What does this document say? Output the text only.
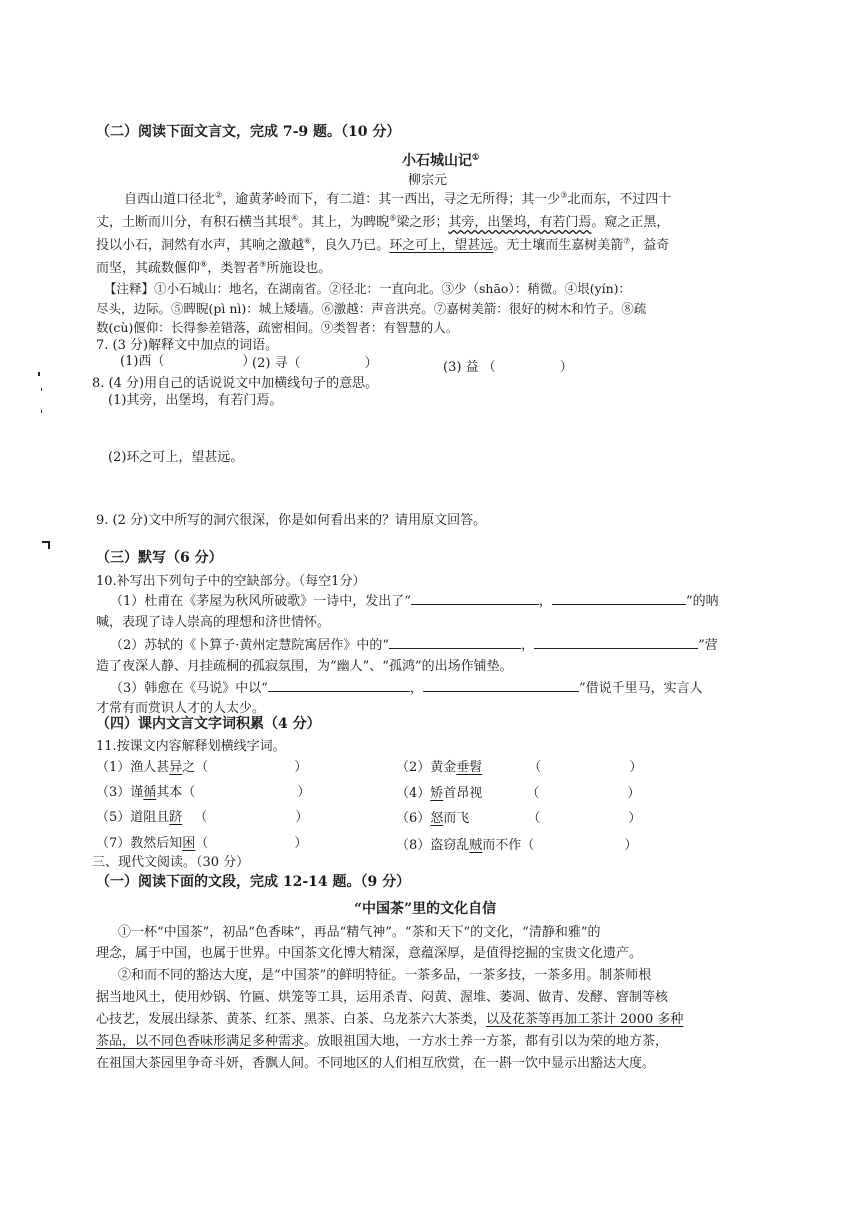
（二）阅读下面文言文，完成 7-9 题。（10 分）
小石城山记①
柳宗元
自西山道口径北②，逾黄茅岭而下，有二道：其一西出，寻之无所得；其一少③北而东，不过四十
丈，土断而川分，有积石横当其垠④。其上，为睥睨⑤梁之形；其旁，出堡坞，有若门焉。窥之正黑，
投以小石，洞然有水声，其响之激越⑥，良久乃已。环之可上，望甚远。无土壤而生嘉树美箭⑦，益奇
而坚，其疏数偃仰⑧，类智者⑨所施设也。
【注释】①小石城山：地名，在湖南省。②径北：一直向北。③少（shāo）：稍微。④垠(yín)：
尽头，边际。⑤睥睨(pì nì)：城上矮墙。⑥激越：声音洪亮。⑦嘉树美箭：很好的树木和竹子。⑧疏
数(cù)偃仰：长得参差错落，疏密相间。⑨类智者：有智慧的人。
7. (3 分)解释文中加点的词语。
(1)西（	）
(2) 寻（	）	(3) 益 （	）
8. (4 分)用自己的话说说文中加横线句子的意思。
(1)其旁，出堡坞，有若门焉。
(2)环之可上，望甚远。
9. (2 分)文中所写的洞穴很深，你是如何看出来的？请用原文回答。
（三）默写（6 分）
10.补写出下列句子中的空缺部分。（每空1分）
（1）杜甫在《茅屋为秋风所破歌》一诗中，发出了“	，	”的呐
喊，表现了诗人崇高的理想和济世情怀。
（2）苏轼的《卜算子·黄州定慧院寓居作》中的“	，	”营
造了夜深人静、月挂疏桐的孤寂氛围，为“幽人”、“孤鸿”的出场作铺垫。
（3）韩愈在《马说》中以“	，	”借说千里马，实言人
才常有而赏识人才的人太少。
（四）课内文言文字词积累（4 分）
11.按课文内容解释划横线字词。
（1）渔人甚异之（	）	（2）黄金垂髫	（	）
（3）谨循其本（	）	（4）矫首昂视	（	）
（5）道阻且跻 （	）	（6）怒而飞	（	）
（7）教然后知困（	）	（8）盗窃乱贼而不作（	）
三、现代文阅读。（30 分）
（一）阅读下面的文段，完成 12-14 题。（9 分）
“中国茶”里的文化自信
①一杯“中国茶”，初品“色香味”，再品“精气神”。“茶和天下”的文化，“清静和雅”的
理念，属于中国，也属于世界。中国茶文化博大精深，意蕴深厚，是值得挖掘的宝贵文化遗产。
②和而不同的豁达大度，是“中国茶”的鲜明特征。一茶多品，一茶多技，一茶多用。制茶师根
据当地风土，使用炒锅、竹匾、烘笼等工具，运用杀青、闷黄、渥堆、萎凋、做青、发酵、窨制等核
心技艺，发展出绿茶、黄茶、红茶、黑茶、白茶、乌龙茶六大茶类，以及花茶等再加工茶计 2000 多种
茶品，以不同色香味形满足多种需求。放眼祖国大地，一方水土养一方茶，都有引以为荣的地方茶，
在祖国大茶园里争奇斗妍，香飘人间。不同地区的人们相互欣赏，在一斟一饮中显示出豁达大度。
